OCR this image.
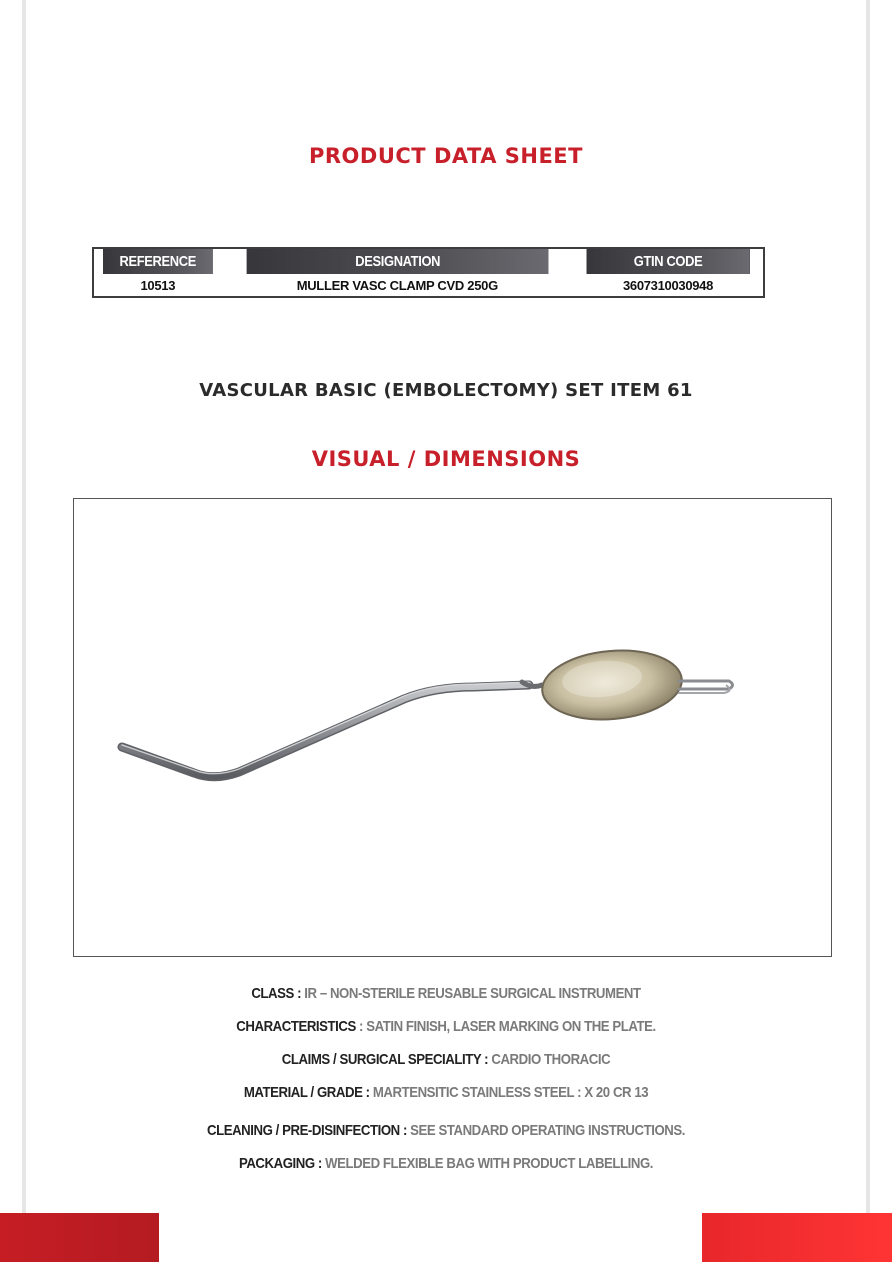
PRODUCT DATA SHEET
REFERENCE	DESIGNATION	GTIN CODE
10513	MULLER VASC CLAMP CVD 250G	3607310030948
VASCULAR BASIC (EMBOLECTOMY) SET ITEM 61
VISUAL / DIMENSIONS
CLASS : IR – NON-STERILE REUSABLE SURGICAL INSTRUMENT
CHARACTERISTICS : SATIN FINISH, LASER MARKING ON THE PLATE.
CLAIMS / SURGICAL SPECIALITY : CARDIO THORACIC
MATERIAL / GRADE : MARTENSITIC STAINLESS STEEL : X 20 CR 13
CLEANING / PRE-DISINFECTION : SEE STANDARD OPERATING INSTRUCTIONS.
PACKAGING : WELDED FLEXIBLE BAG WITH PRODUCT LABELLING.
